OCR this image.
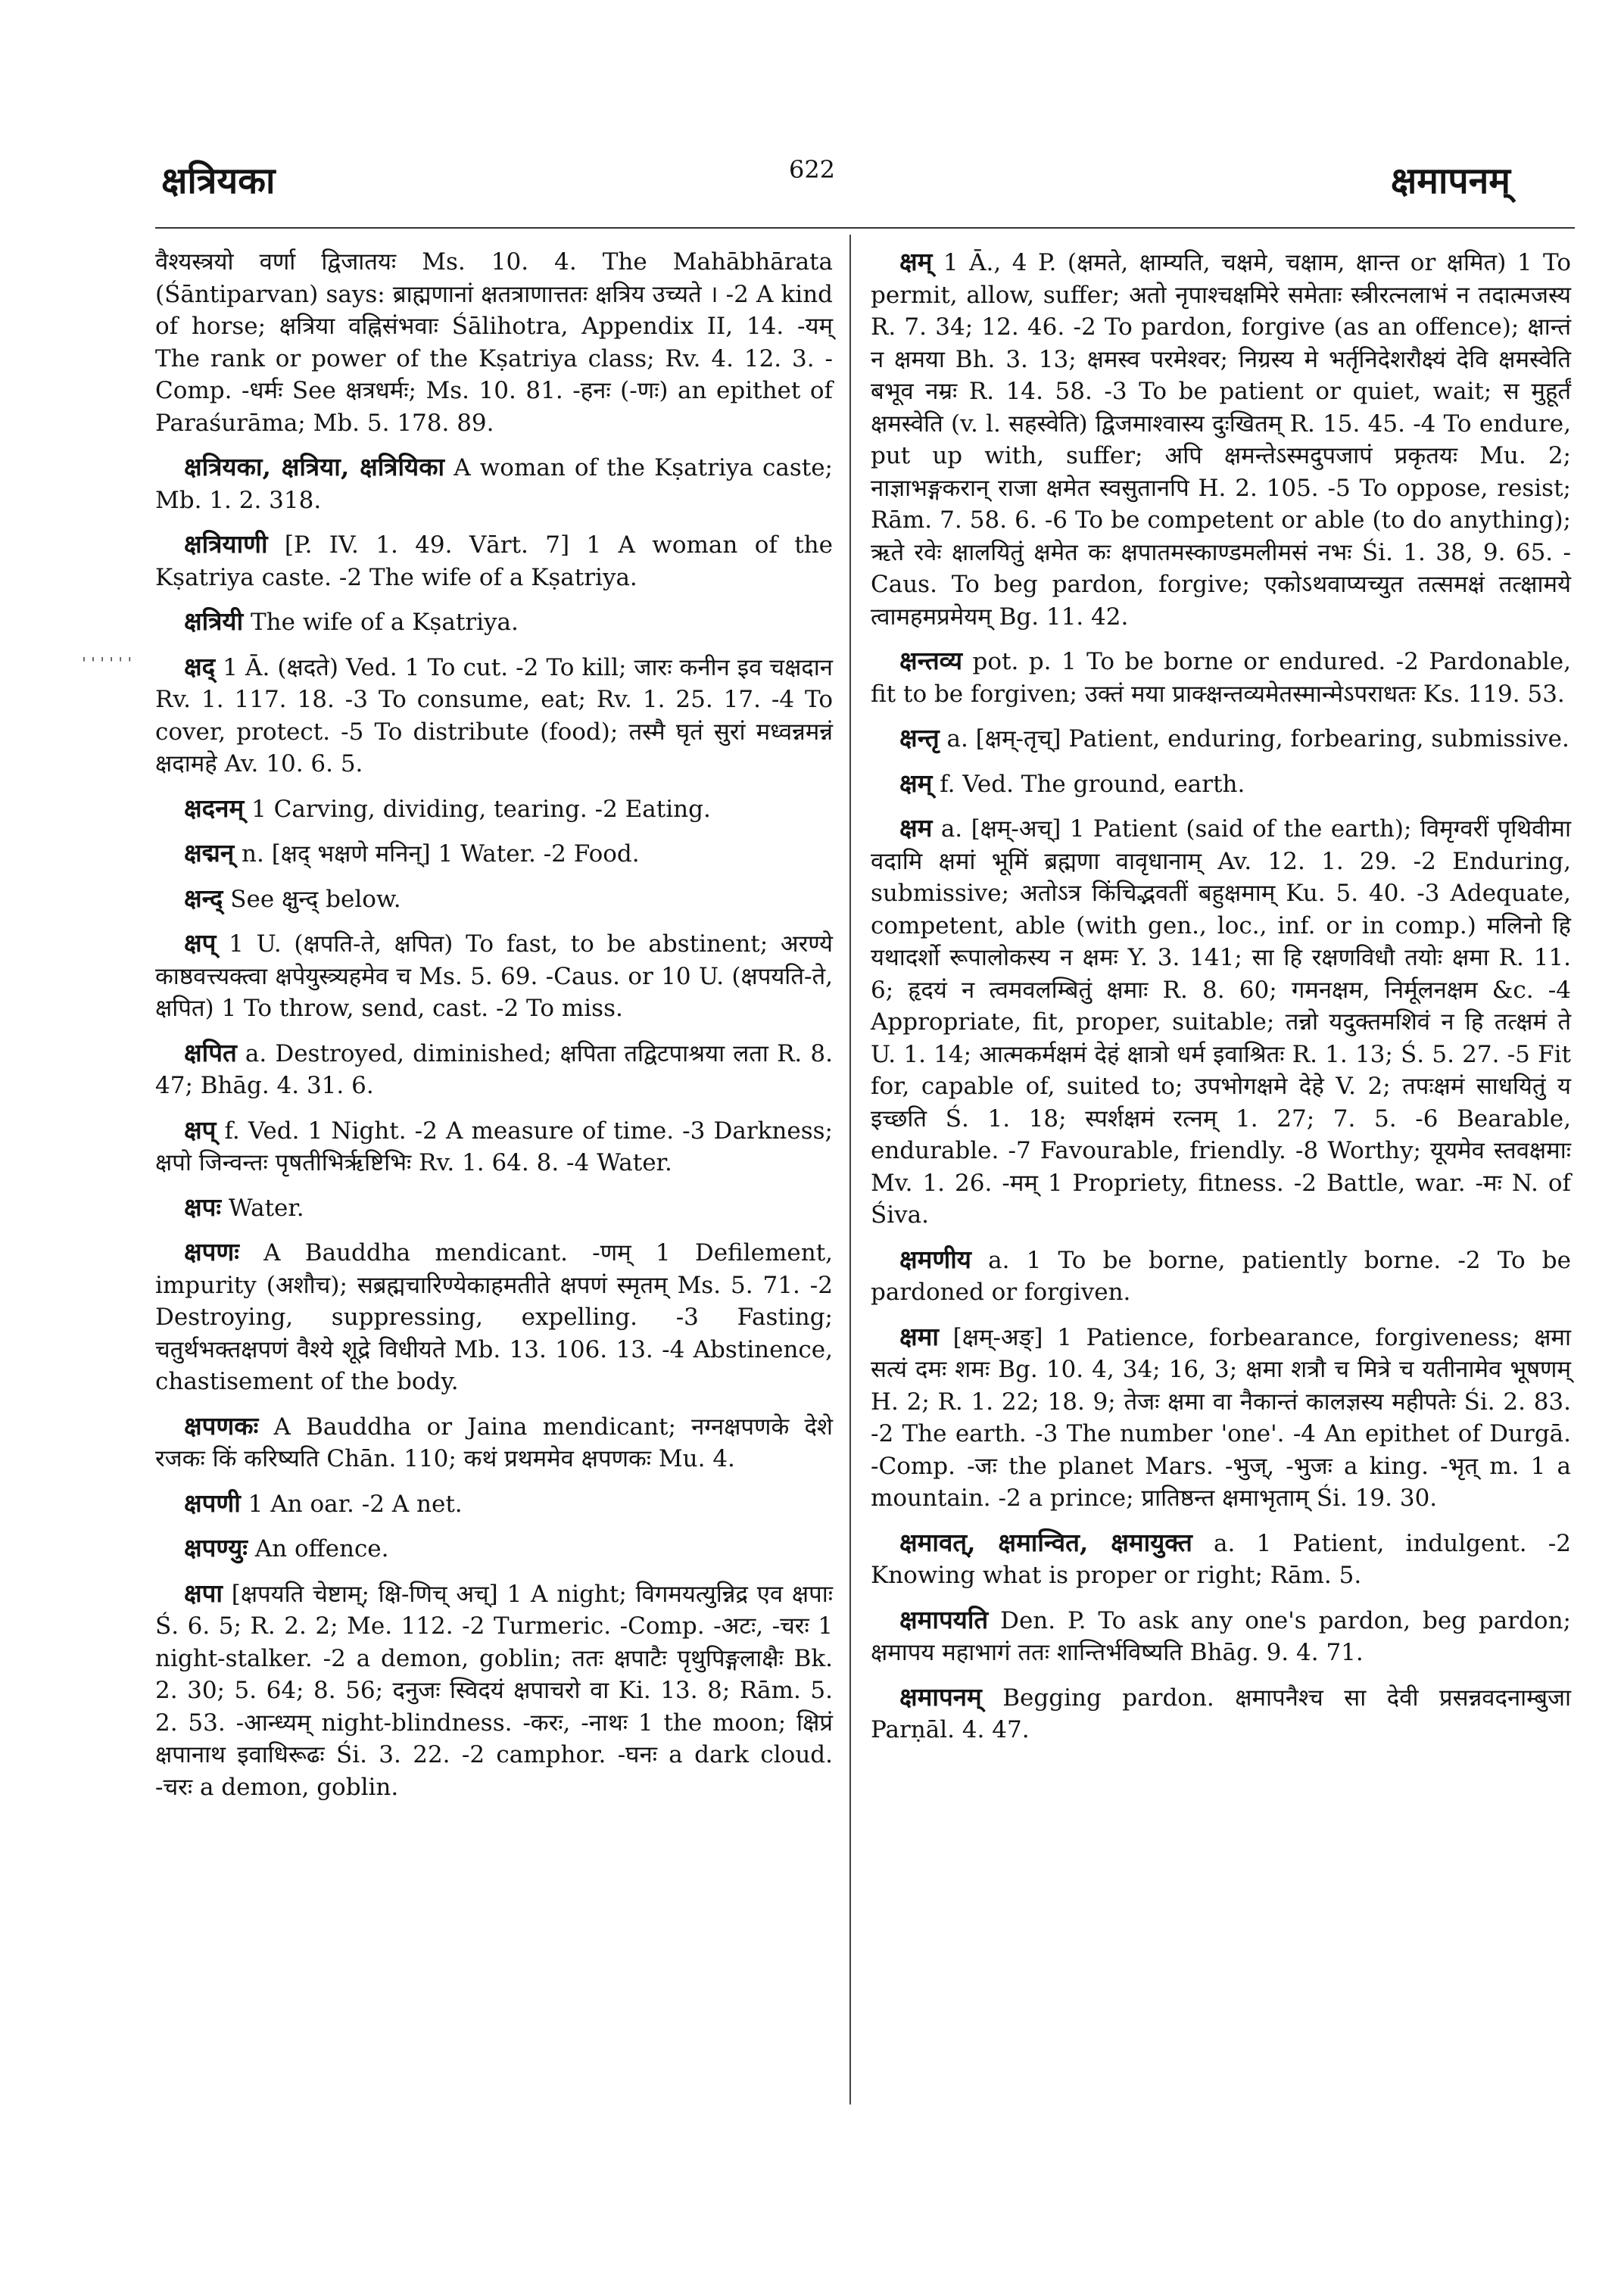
क्षत्रियका	622	क्षमापनम्
''''''

वैश्यस्त्रयो वर्णा द्विजातयः Ms. 10. 4. The Mahābhārata (Śāntiparvan) says: ब्राह्मणानां क्षतत्राणात्ततः क्षत्रिय उच्यते । -2 A kind of horse; क्षत्रिया वह्निसंभवाः Śālihotra, Appendix II, 14. -यम् The rank or power of the Kṣatriya class; Rv. 4. 12. 3. -Comp. -धर्मः See क्षत्रधर्मः; Ms. 10. 81. -हनः (-णः) an epithet of Paraśurāma; Mb. 5. 178. 89.

क्षत्रियका, क्षत्रिया, क्षत्रियिका A woman of the Kṣatriya caste; Mb. 1. 2. 318.

क्षत्रियाणी [P. IV. 1. 49. Vārt. 7] 1 A woman of the Kṣatriya caste. -2 The wife of a Kṣatriya.

क्षत्रियी The wife of a Kṣatriya.

क्षद् 1 Ā. (क्षदते) Ved. 1 To cut. -2 To kill; जारः कनीन इव चक्षदान Rv. 1. 117. 18. -3 To consume, eat; Rv. 1. 25. 17. -4 To cover, protect. -5 To distribute (food); तस्मै घृतं सुरां मध्वन्नमन्नं क्षदामहे Av. 10. 6. 5.

क्षदनम् 1 Carving, dividing, tearing. -2 Eating.

क्षद्मन् n. [क्षद् भक्षणे मनिन्] 1 Water. -2 Food.

क्षन्द् See क्षुन्द् below.

क्षप् 1 U. (क्षपति-ते, क्षपित) To fast, to be abstinent; अरण्ये काष्ठवत्त्यक्त्वा क्षपेयुस्त्र्यहमेव च Ms. 5. 69. -Caus. or 10 U. (क्षपयति-ते, क्षपित) 1 To throw, send, cast. -2 To miss.

क्षपित a. Destroyed, diminished; क्षपिता तद्विटपाश्रया लता R. 8. 47; Bhāg. 4. 31. 6.

क्षप् f. Ved. 1 Night. -2 A measure of time. -3 Darkness; क्षपो जिन्वन्तः पृषतीभिर्ऋष्टिभिः Rv. 1. 64. 8. -4 Water.

क्षपः Water.

क्षपणः A Bauddha mendicant. -णम् 1 Defilement, impurity (अशौच); सब्रह्मचारिण्येकाहमतीते क्षपणं स्मृतम् Ms. 5. 71. -2 Destroying, suppressing, expelling. -3 Fasting; चतुर्थभक्तक्षपणं वैश्ये शूद्रे विधीयते Mb. 13. 106. 13. -4 Abstinence, chastisement of the body.

क्षपणकः A Bauddha or Jaina mendicant; नग्नक्षपणके देशे रजकः किं करिष्यति Chān. 110; कथं प्रथममेव क्षपणकः Mu. 4.

क्षपणी 1 An oar. -2 A net.

क्षपण्युः An offence.

क्षपा [क्षपयति चेष्टाम्; क्षि-णिच् अच्] 1 A night; विगमयत्युन्निद्र एव क्षपाः Ś. 6. 5; R. 2. 2; Me. 112. -2 Turmeric. -Comp. -अटः, -चरः 1 night-stalker. -2 a demon, goblin; ततः क्षपाटैः पृथुपिङ्गलाक्षैः Bk. 2. 30; 5. 64; 8. 56; दनुजः स्विदयं क्षपाचरो वा Ki. 13. 8; Rām. 5. 2. 53. -आन्ध्यम् night-blindness. -करः, -नाथः 1 the moon; क्षिप्रं क्षपानाथ इवाधिरूढः Śi. 3. 22. -2 camphor. -घनः a dark cloud. -चरः a demon, goblin.

क्षम् 1 Ā., 4 P. (क्षमते, क्षाम्यति, चक्षमे, चक्षाम, क्षान्त or क्षमित) 1 To permit, allow, suffer; अतो नृपाश्चक्षमिरे समेताः स्त्रीरत्नलाभं न तदात्मजस्य R. 7. 34; 12. 46. -2 To pardon, forgive (as an offence); क्षान्तं न क्षमया Bh. 3. 13; क्षमस्व परमेश्वर; निग्रस्य मे भर्तृनिदेशरौक्ष्यं देवि क्षमस्वेति बभूव नम्रः R. 14. 58. -3 To be patient or quiet, wait; स मुहूर्तं क्षमस्वेति (v. l. सहस्वेति) द्विजमाश्वास्य दुःखितम् R. 15. 45. -4 To endure, put up with, suffer; अपि क्षमन्तेऽस्मदुपजापं प्रकृतयः Mu. 2; नाज्ञाभङ्गकरान् राजा क्षमेत स्वसुतानपि H. 2. 105. -5 To oppose, resist; Rām. 7. 58. 6. -6 To be competent or able (to do anything); ऋते रवेः क्षालयितुं क्षमेत कः क्षपातमस्काण्डमलीमसं नभः Śi. 1. 38, 9. 65. -Caus. To beg pardon, forgive; एकोऽथवाप्यच्युत तत्समक्षं तत्क्षामये त्वामहमप्रमेयम् Bg. 11. 42.

क्षन्तव्य pot. p. 1 To be borne or endured. -2 Pardonable, fit to be forgiven; उक्तं मया प्राक्क्षन्तव्यमेतस्मान्मेऽपराधतः Ks. 119. 53.

क्षन्तृ a. [क्षम्-तृच्] Patient, enduring, forbearing, submissive.

क्षम् f. Ved. The ground, earth.

क्षम a. [क्षम्-अच्] 1 Patient (said of the earth); विमृग्वरीं पृथिवीमा वदामि क्षमां भूमिं ब्रह्मणा वावृधानाम् Av. 12. 1. 29. -2 Enduring, submissive; अतोऽत्र किंचिद्भवतीं बहुक्षमाम् Ku. 5. 40. -3 Adequate, competent, able (with gen., loc., inf. or in comp.) मलिनो हि यथादर्शो रूपालोकस्य न क्षमः Y. 3. 141; सा हि रक्षणविधौ तयोः क्षमा R. 11. 6; हृदयं न त्वमवलम्बितुं क्षमाः R. 8. 60; गमनक्षम, निर्मूलनक्षम &c. -4 Appropriate, fit, proper, suitable; तन्नो यदुक्तमशिवं न हि तत्क्षमं ते U. 1. 14; आत्मकर्मक्षमं देहं क्षात्रो धर्म इवाश्रितः R. 1. 13; Ś. 5. 27. -5 Fit for, capable of, suited to; उपभोगक्षमे देहे V. 2; तपःक्षमं साधयितुं य इच्छति Ś. 1. 18; स्पर्शक्षमं रत्नम् 1. 27; 7. 5. -6 Bearable, endurable. -7 Favourable, friendly. -8 Worthy; यूयमेव स्तवक्षमाः Mv. 1. 26. -मम् 1 Propriety, fitness. -2 Battle, war. -मः N. of Śiva.

क्षमणीय a. 1 To be borne, patiently borne. -2 To be pardoned or forgiven.

क्षमा [क्षम्-अङ्] 1 Patience, forbearance, forgiveness; क्षमा सत्यं दमः शमः Bg. 10. 4, 34; 16, 3; क्षमा शत्रौ च मित्रे च यतीनामेव भूषणम् H. 2; R. 1. 22; 18. 9; तेजः क्षमा वा नैकान्तं कालज्ञस्य महीपतेः Śi. 2. 83. -2 The earth. -3 The number 'one'. -4 An epithet of Durgā. -Comp. -जः the planet Mars. -भुज्, -भुजः a king. -भृत् m. 1 a mountain. -2 a prince; प्रातिष्ठन्त क्षमाभृताम् Śi. 19. 30.

क्षमावत्, क्षमान्वित, क्षमायुक्त a. 1 Patient, indulgent. -2 Knowing what is proper or right; Rām. 5.

क्षमापयति Den. P. To ask any one's pardon, beg pardon; क्षमापय महाभागं ततः शान्तिर्भविष्यति Bhāg. 9. 4. 71.

क्षमापनम् Begging pardon. क्षमापनैश्च सा देवी प्रसन्नवदनाम्बुजा Parṇāl. 4. 47.
